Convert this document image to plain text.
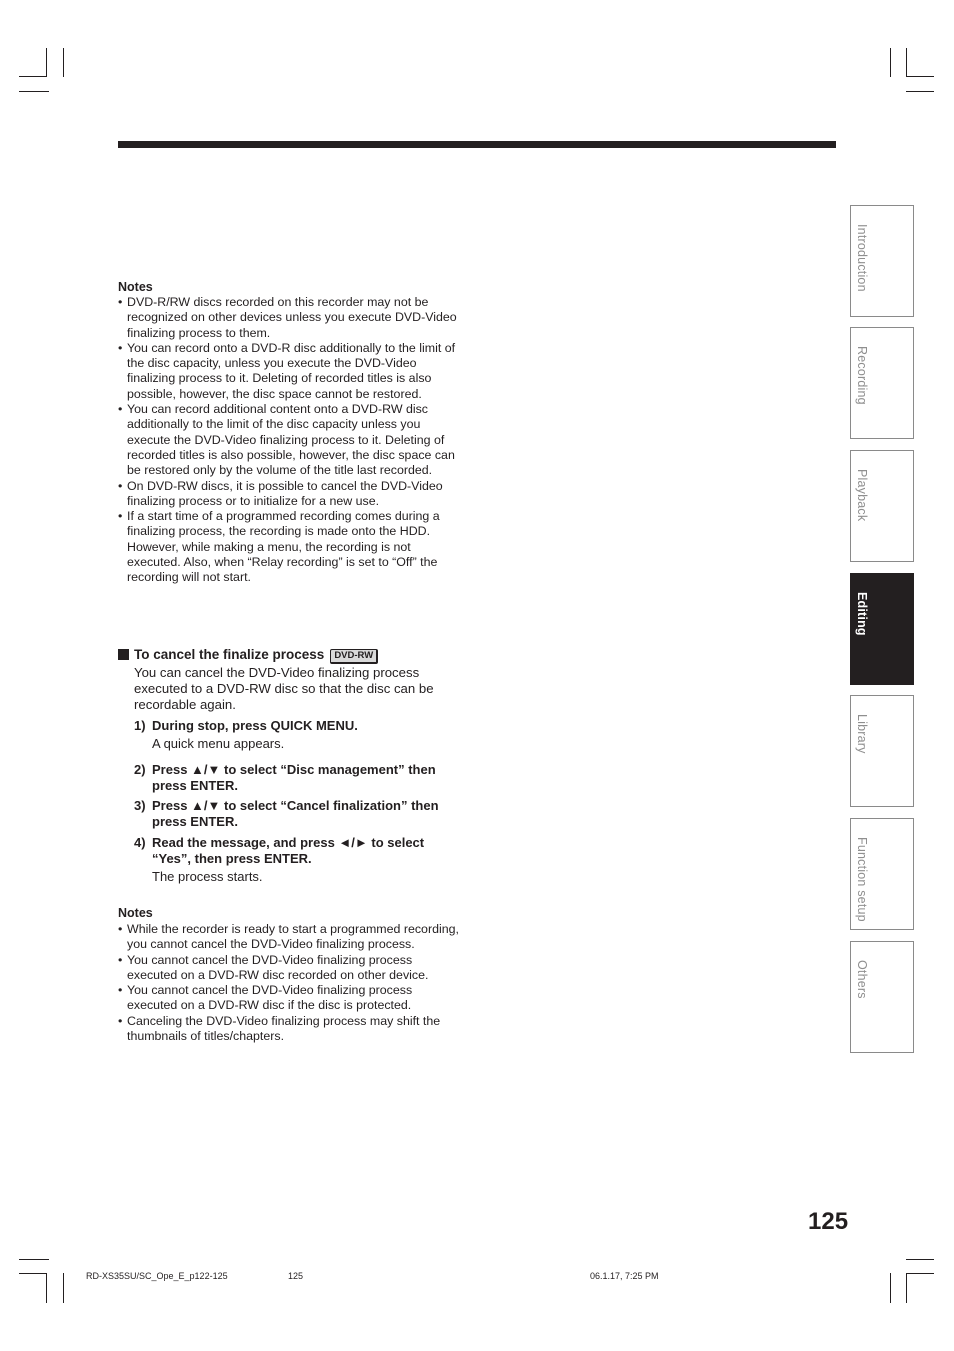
Notes
• DVD-R/RW discs recorded on this recorder may not be recognized on other devices unless you execute DVD-Video finalizing process to them.
• You can record onto a DVD-R disc additionally to the limit of the disc capacity, unless you execute the DVD-Video finalizing process to it. Deleting of recorded titles is also possible, however, the disc space cannot be restored.
• You can record additional content onto a DVD-RW disc additionally to the limit of the disc capacity unless you execute the DVD-Video finalizing process to it. Deleting of recorded titles is also possible, however, the disc space can be restored only by the volume of the title last recorded.
• On DVD-RW discs, it is possible to cancel the DVD-Video finalizing process or to initialize for a new use.
• If a start time of a programmed recording comes during a finalizing process, the recording is made onto the HDD. However, while making a menu, the recording is not executed. Also, when “Relay recording” is set to “Off” the recording will not start.
To cancel the finalize process DVD-RW
You can cancel the DVD-Video finalizing process executed to a DVD-RW disc so that the disc can be recordable again.
1) During stop, press QUICK MENU.
A quick menu appears.
2) Press ▲/▼ to select “Disc management” then press ENTER.
3) Press ▲/▼ to select “Cancel finalization” then press ENTER.
4) Read the message, and press ◄/► to select “Yes”, then press ENTER.
The process starts.
Notes
• While the recorder is ready to start a programmed recording, you cannot cancel the DVD-Video finalizing process.
• You cannot cancel the DVD-Video finalizing process executed on a DVD-RW disc recorded on other device.
• You cannot cancel the DVD-Video finalizing process executed on a DVD-RW disc if the disc is protected.
• Canceling the DVD-Video finalizing process may shift the thumbnails of titles/chapters.
Introduction
Recording
Playback
Editing
Library
Function setup
Others
125
RD-XS35SU/SC_Ope_E_p122-125	125	06.1.17, 7:25 PM
